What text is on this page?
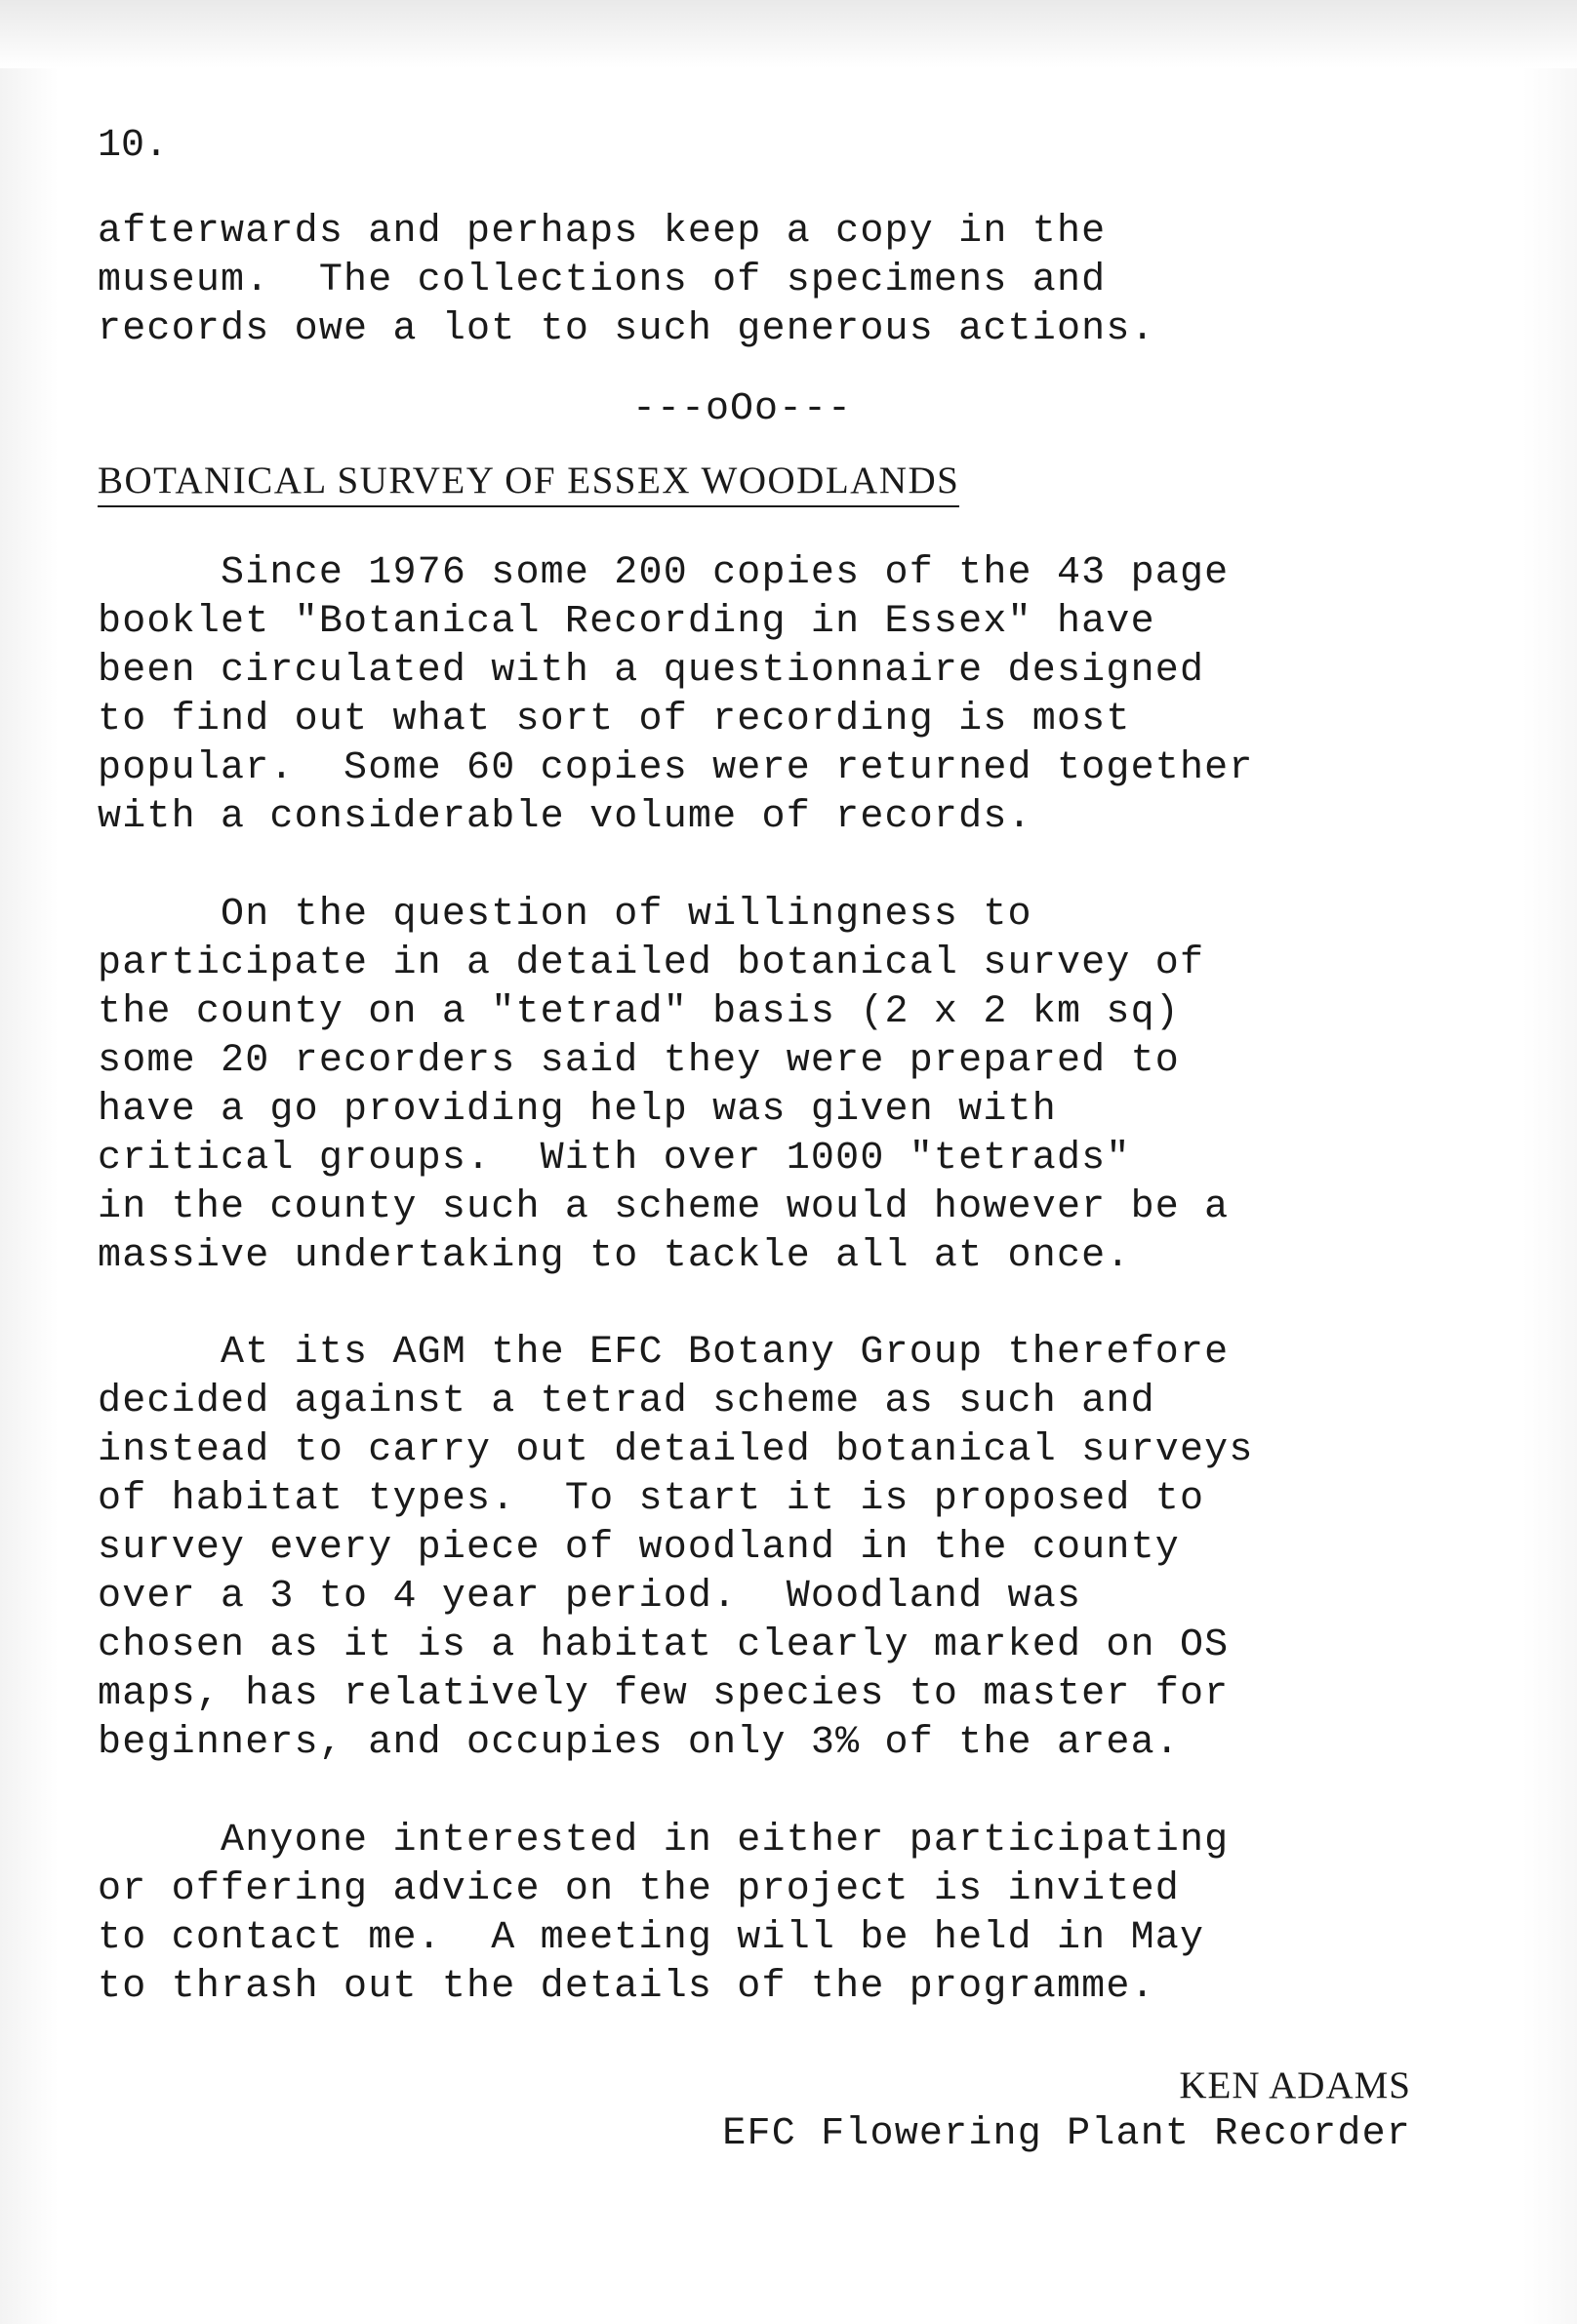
10.
afterwards and perhaps keep a copy in the
museum.  The collections of specimens and
records owe a lot to such generous actions.
---oOo---
BOTANICAL SURVEY OF ESSEX WOODLANDS
Since 1976 some 200 copies of the 43 page
booklet "Botanical Recording in Essex" have
been circulated with a questionnaire designed
to find out what sort of recording is most
popular.  Some 60 copies were returned together
with a considerable volume of records.
On the question of willingness to
participate in a detailed botanical survey of
the county on a "tetrad" basis (2 x 2 km sq)
some 20 recorders said they were prepared to
have a go providing help was given with
critical groups.  With over 1000 "tetrads"
in the county such a scheme would however be a
massive undertaking to tackle all at once.
At its AGM the EFC Botany Group therefore
decided against a tetrad scheme as such and
instead to carry out detailed botanical surveys
of habitat types.  To start it is proposed to
survey every piece of woodland in the county
over a 3 to 4 year period.  Woodland was
chosen as it is a habitat clearly marked on OS
maps, has relatively few species to master for
beginners, and occupies only 3% of the area.
Anyone interested in either participating
or offering advice on the project is invited
to contact me.  A meeting will be held in May
to thrash out the details of the programme.
KEN ADAMS
EFC Flowering Plant Recorder
